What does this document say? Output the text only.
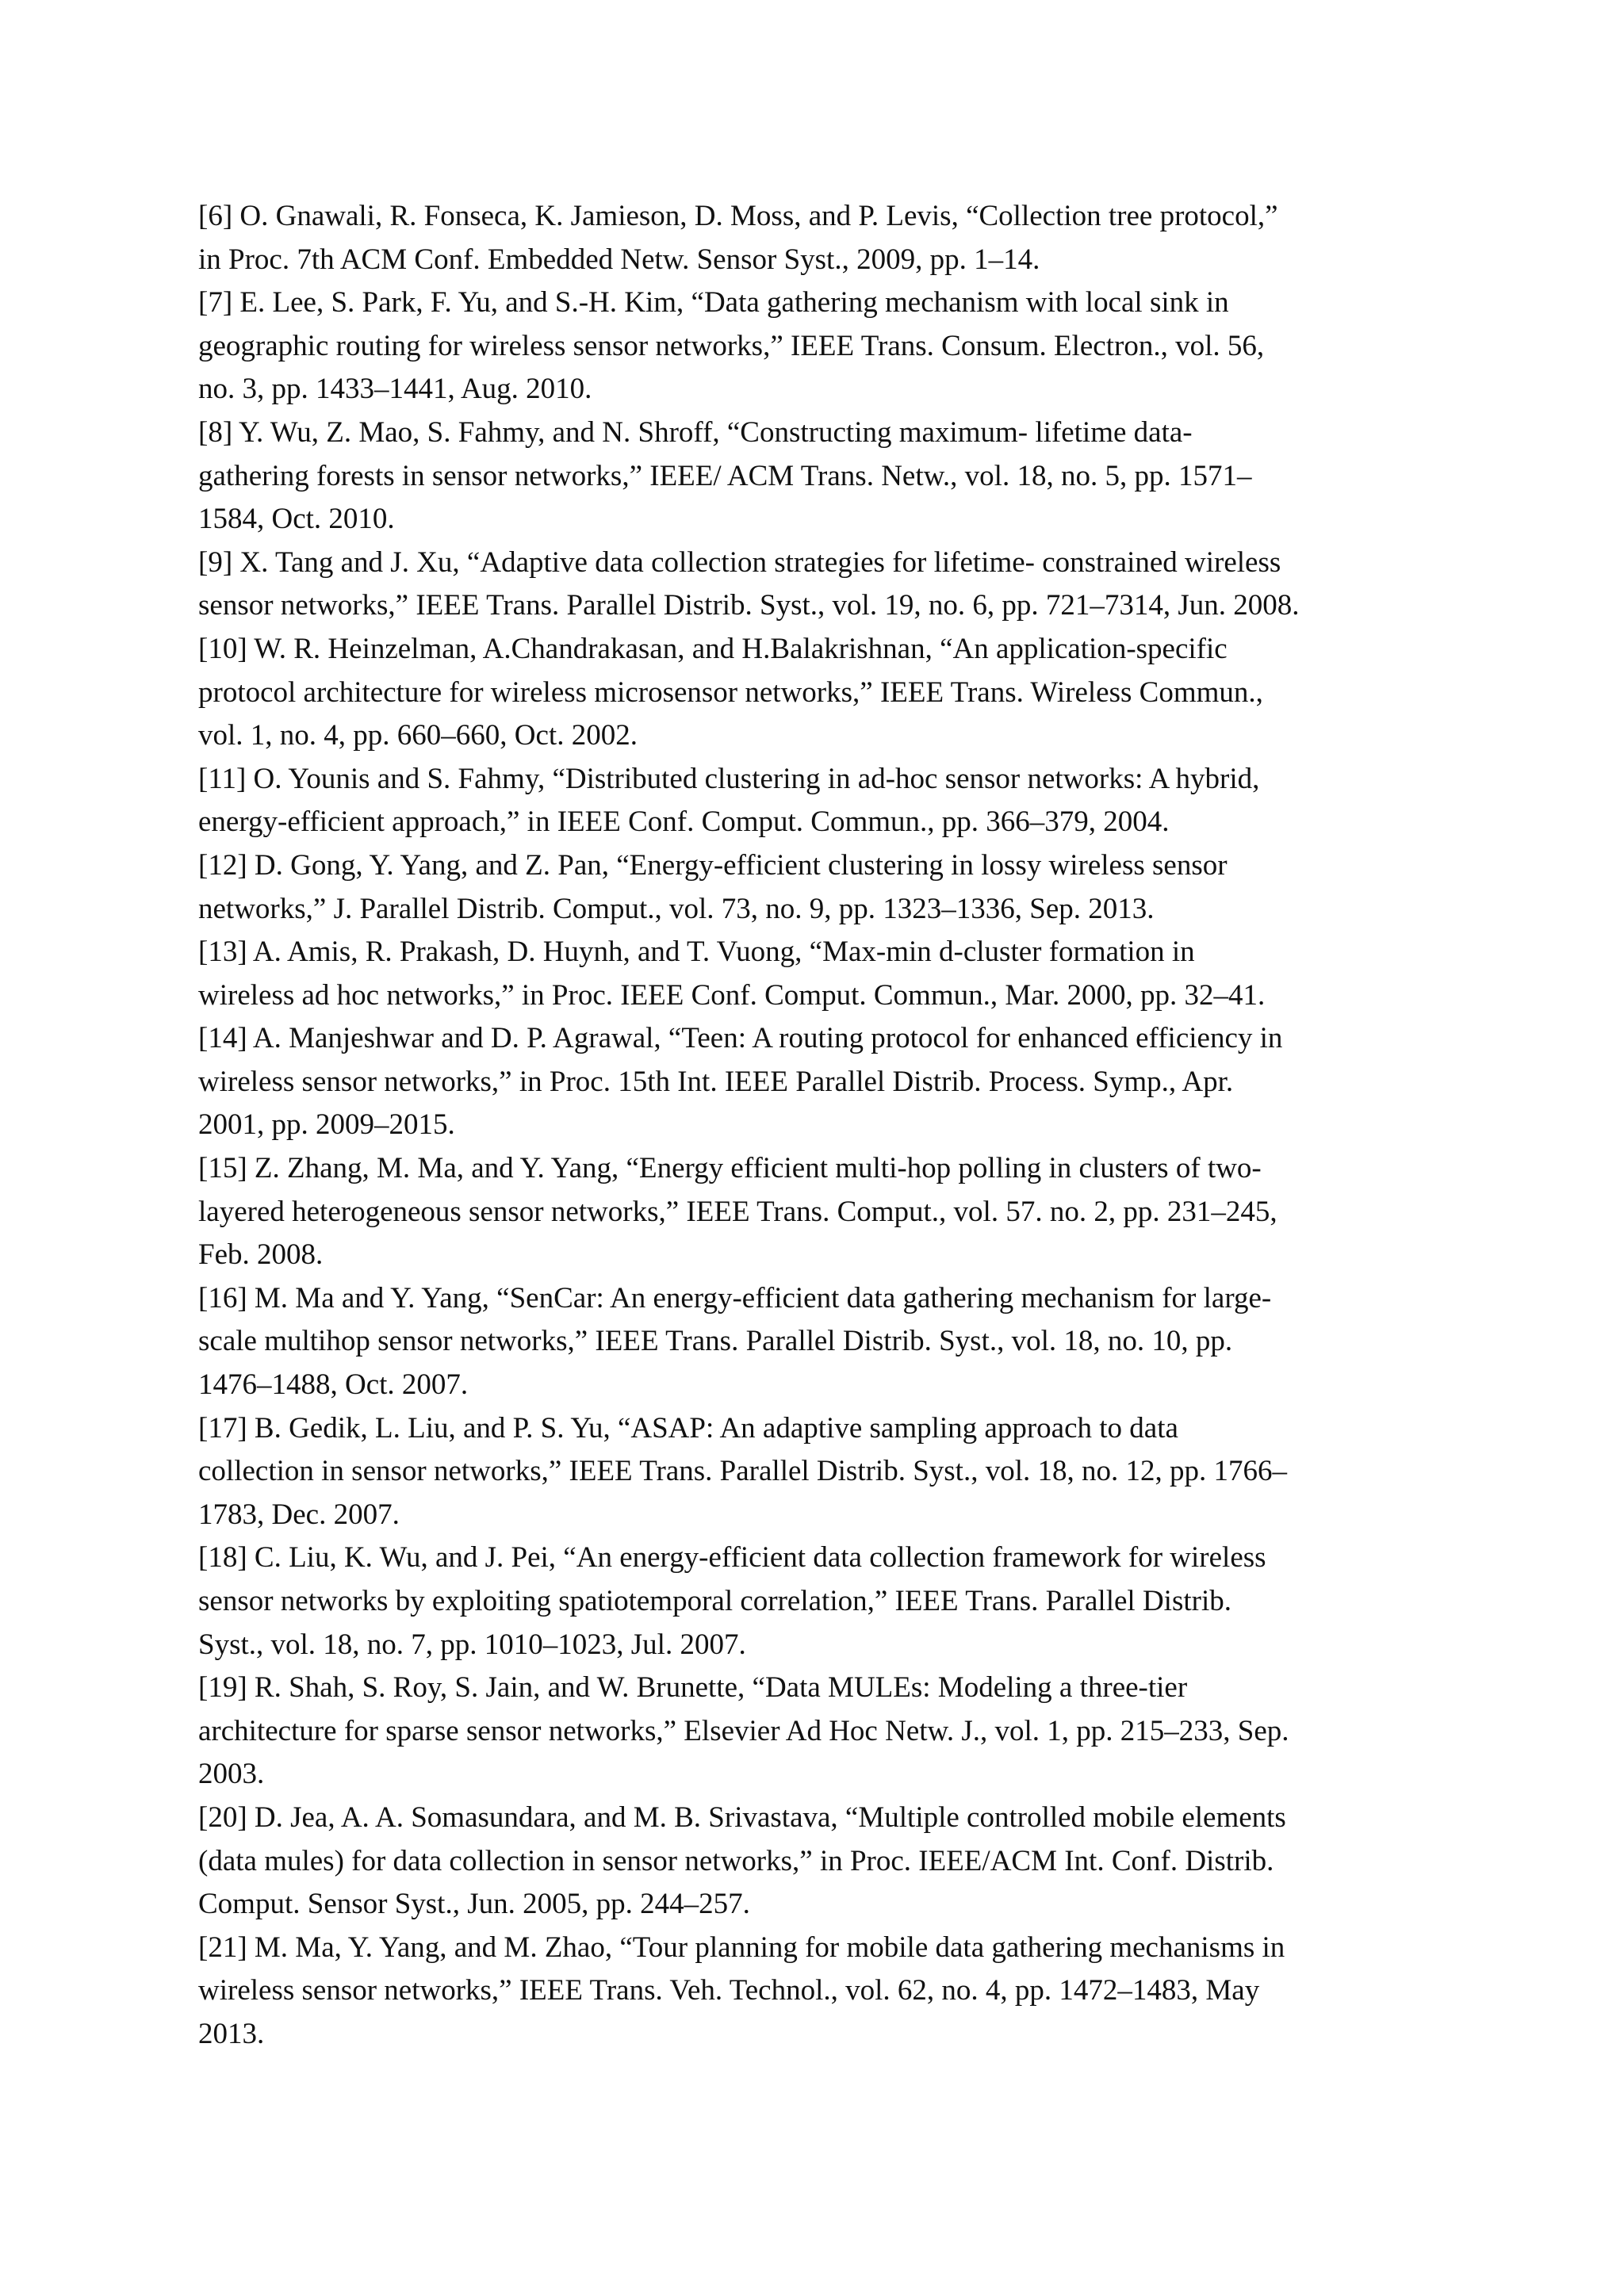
[6] O. Gnawali, R. Fonseca, K. Jamieson, D. Moss, and P. Levis, “Collection tree protocol,”
in Proc. 7th ACM Conf. Embedded Netw. Sensor Syst., 2009, pp. 1–14.
[7] E. Lee, S. Park, F. Yu, and S.-H. Kim, “Data gathering mechanism with local sink in
geographic routing for wireless sensor networks,” IEEE Trans. Consum. Electron., vol. 56,
no. 3, pp. 1433–1441, Aug. 2010.
[8] Y. Wu, Z. Mao, S. Fahmy, and N. Shroff, “Constructing maximum- lifetime data-
gathering forests in sensor networks,” IEEE/ ACM Trans. Netw., vol. 18, no. 5, pp. 1571–
1584, Oct. 2010.
[9] X. Tang and J. Xu, “Adaptive data collection strategies for lifetime- constrained wireless
sensor networks,” IEEE Trans. Parallel Distrib. Syst., vol. 19, no. 6, pp. 721–7314, Jun. 2008.
[10] W. R. Heinzelman, A.Chandrakasan, and H.Balakrishnan, “An application-specific
protocol architecture for wireless microsensor networks,” IEEE Trans. Wireless Commun.,
vol. 1, no. 4, pp. 660–660, Oct. 2002.
[11] O. Younis and S. Fahmy, “Distributed clustering in ad-hoc sensor networks: A hybrid,
energy-efficient approach,” in IEEE Conf. Comput. Commun., pp. 366–379, 2004.
[12] D. Gong, Y. Yang, and Z. Pan, “Energy-efficient clustering in lossy wireless sensor
networks,” J. Parallel Distrib. Comput., vol. 73, no. 9, pp. 1323–1336, Sep. 2013.
[13] A. Amis, R. Prakash, D. Huynh, and T. Vuong, “Max-min d-cluster formation in
wireless ad hoc networks,” in Proc. IEEE Conf. Comput. Commun., Mar. 2000, pp. 32–41.
[14] A. Manjeshwar and D. P. Agrawal, “Teen: A routing protocol for enhanced efficiency in
wireless sensor networks,” in Proc. 15th Int. IEEE Parallel Distrib. Process. Symp., Apr.
2001, pp. 2009–2015.
[15] Z. Zhang, M. Ma, and Y. Yang, “Energy efficient multi-hop polling in clusters of two-
layered heterogeneous sensor networks,” IEEE Trans. Comput., vol. 57. no. 2, pp. 231–245,
Feb. 2008.
[16] M. Ma and Y. Yang, “SenCar: An energy-efficient data gathering mechanism for large-
scale multihop sensor networks,” IEEE Trans. Parallel Distrib. Syst., vol. 18, no. 10, pp.
1476–1488, Oct. 2007.
[17] B. Gedik, L. Liu, and P. S. Yu, “ASAP: An adaptive sampling approach to data
collection in sensor networks,” IEEE Trans. Parallel Distrib. Syst., vol. 18, no. 12, pp. 1766–
1783, Dec. 2007.
[18] C. Liu, K. Wu, and J. Pei, “An energy-efficient data collection framework for wireless
sensor networks by exploiting spatiotemporal correlation,” IEEE Trans. Parallel Distrib.
Syst., vol. 18, no. 7, pp. 1010–1023, Jul. 2007.
[19] R. Shah, S. Roy, S. Jain, and W. Brunette, “Data MULEs: Modeling a three-tier
architecture for sparse sensor networks,” Elsevier Ad Hoc Netw. J., vol. 1, pp. 215–233, Sep.
2003.
[20] D. Jea, A. A. Somasundara, and M. B. Srivastava, “Multiple controlled mobile elements
(data mules) for data collection in sensor networks,” in Proc. IEEE/ACM Int. Conf. Distrib.
Comput. Sensor Syst., Jun. 2005, pp. 244–257.
[21] M. Ma, Y. Yang, and M. Zhao, “Tour planning for mobile data gathering mechanisms in
wireless sensor networks,” IEEE Trans. Veh. Technol., vol. 62, no. 4, pp. 1472–1483, May
2013.
